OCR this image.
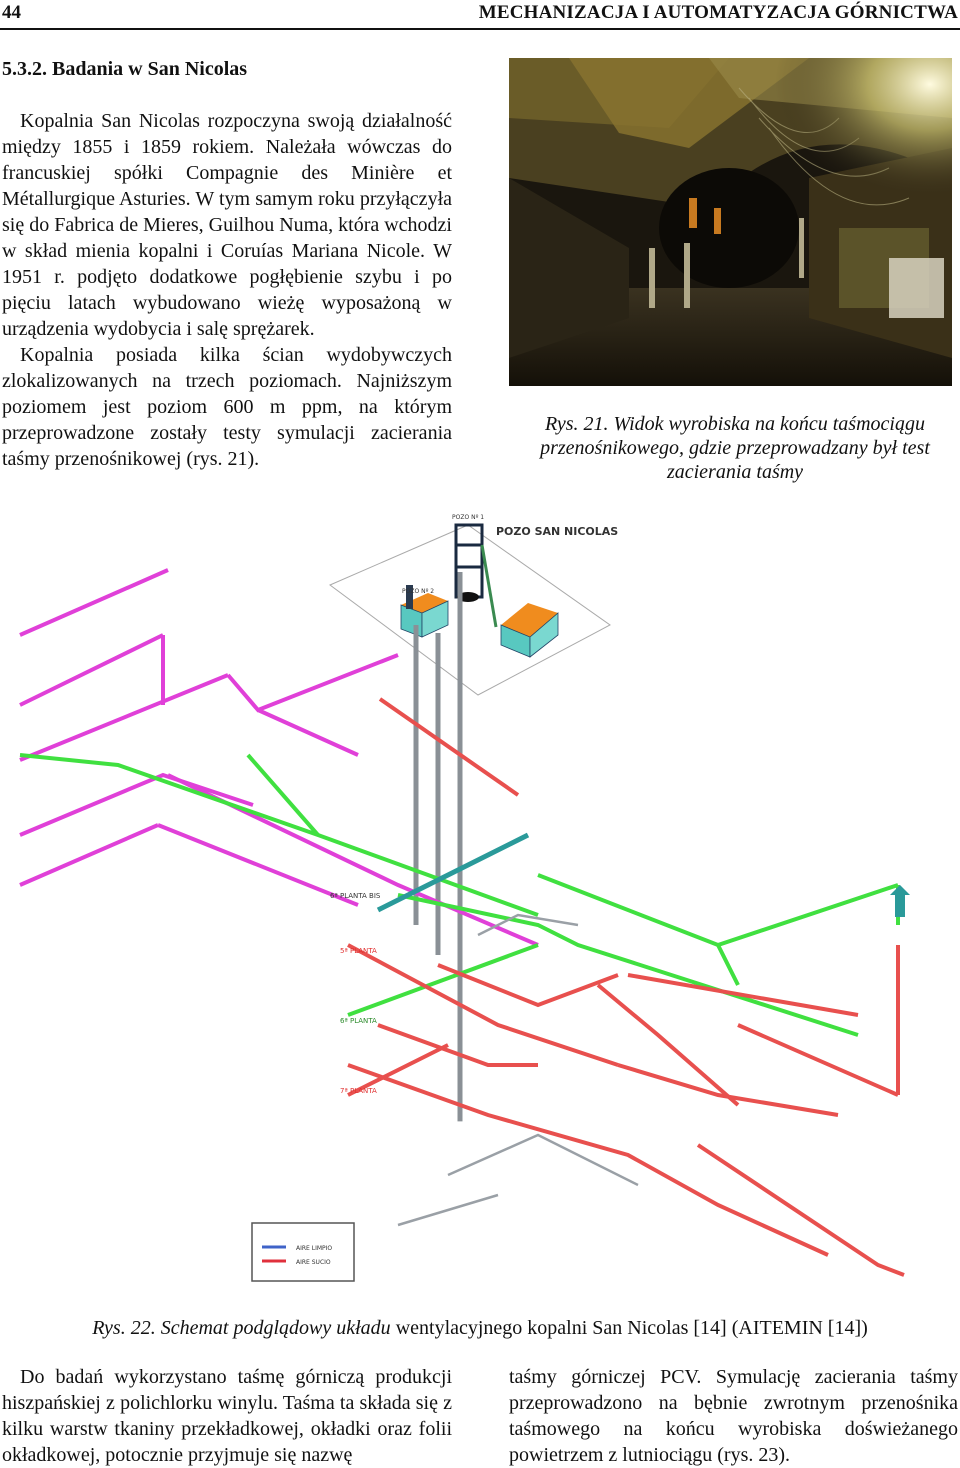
44	MECHANIZACJA I AUTOMATYZACJA GÓRNICTWA
5.3.2. Badania w San Nicolas

Kopalnia San Nicolas rozpoczyna swoją działalność między 1855 i 1859 rokiem. Należała wówczas do francuskiej spółki Compagnie des Minière et Métallurgique Asturies. W tym samym roku przyłączyła się do Fabrica de Mieres, Guilhou Numa, która wchodzi w skład mienia kopalni i Coruías Mariana Nicole. W 1951 r. podjęto dodatkowe pogłębienie szybu i po pięciu latach wybudowano wieżę wyposażoną w urządzenia wydobycia i salę sprężarek.

Kopalnia posiada kilka ścian wydobywczych zlokalizowanych na trzech poziomach. Najniższym poziomem jest poziom 600 m ppm, na którym przeprowadzone zostały testy symulacji zacierania taśmy przenośnikowej (rys. 21).

Rys. 21. Widok wyrobiska na końcu taśmociągu przenośnikowego, gdzie przeprowadzany był test zacierania taśmy

POZO SAN NICOLAS
POZO Nº 1
POZO Nº 2
6ª PLANTA BIS
5ª PLANTA
6ª PLANTA
7ª PLANTA
AIRE LIMPIO
AIRE SUCIO

Rys. 22. Schemat podglądowy układu wentylacyjnego kopalni San Nicolas [14] (AITEMIN [14])

Do badań wykorzystano taśmę górniczą produkcji hiszpańskiej z polichlorku winylu. Taśma ta składa się z kilku warstw tkaniny przekładkowej, okładki oraz folii okładkowej, potocznie przyjmuje się nazwę

taśmy górniczej PCV. Symulację zacierania taśmy przeprowadzono na bębnie zwrotnym przenośnika taśmowego na końcu wyrobiska doświeżanego powietrzem z lutniociągu (rys. 23).
